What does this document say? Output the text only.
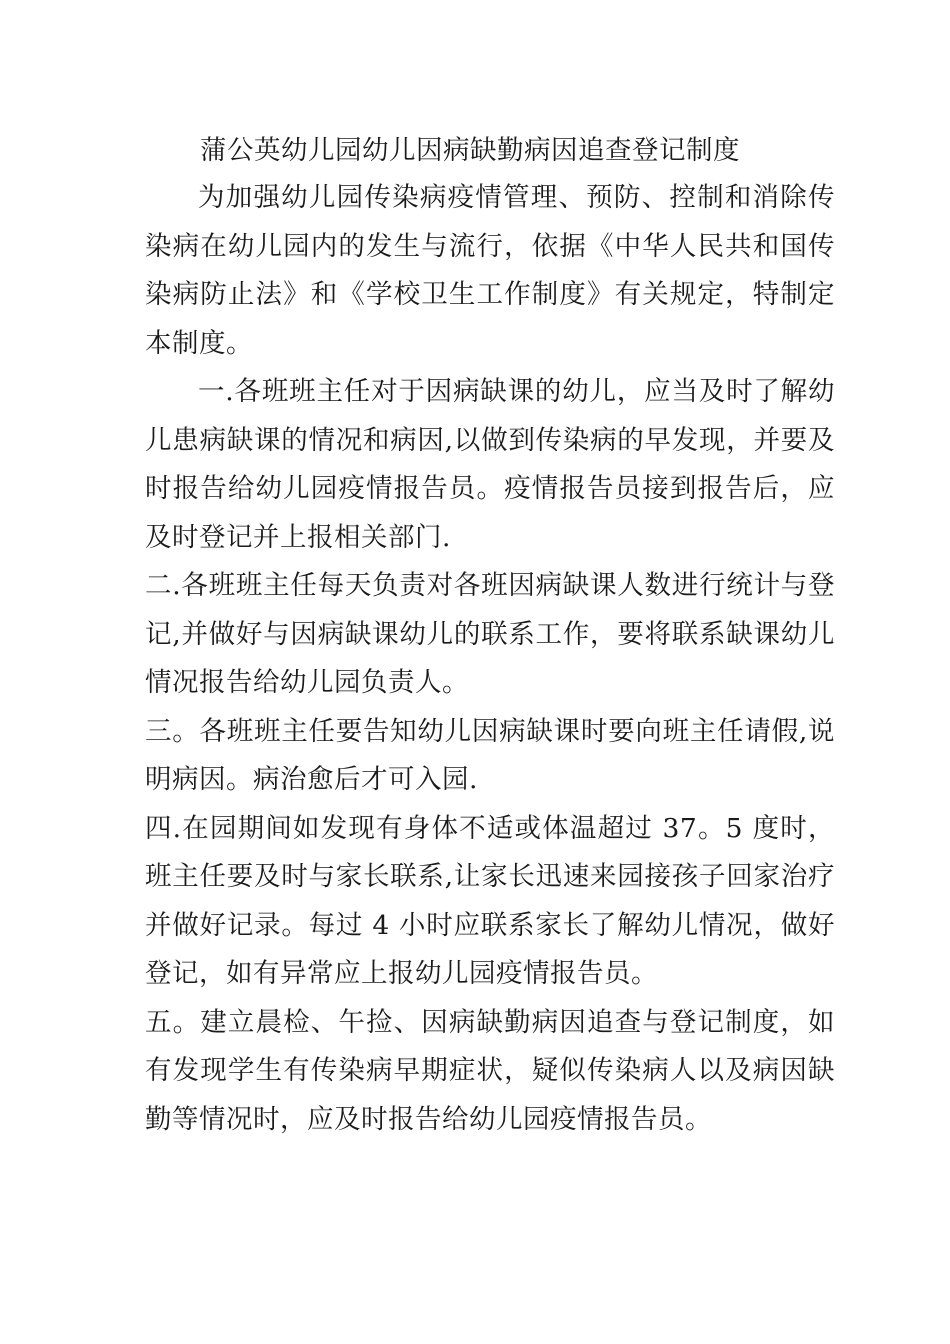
蒲公英幼儿园幼儿因病缺勤病因追查登记制度

为加强幼儿园传染病疫情管理、预防、控制和消除传染病在幼儿园内的发生与流行，依据《中华人民共和国传染病防止法》和《学校卫生工作制度》有关规定，特制定本制度。

一.各班班主任对于因病缺课的幼儿，应当及时了解幼儿患病缺课的情况和病因,以做到传染病的早发现，并要及时报告给幼儿园疫情报告员。疫情报告员接到报告后，应及时登记并上报相关部门.

二.各班班主任每天负责对各班因病缺课人数进行统计与登记,并做好与因病缺课幼儿的联系工作，要将联系缺课幼儿情况报告给幼儿园负责人。

三。各班班主任要告知幼儿因病缺课时要向班主任请假,说明病因。病治愈后才可入园.

四.在园期间如发现有身体不适或体温超过 37。5 度时，班主任要及时与家长联系,让家长迅速来园接孩子回家治疗并做好记录。每过 4 小时应联系家长了解幼儿情况，做好登记，如有异常应上报幼儿园疫情报告员。

五。建立晨检、午捡、因病缺勤病因追查与登记制度，如有发现学生有传染病早期症状，疑似传染病人以及病因缺勤等情况时，应及时报告给幼儿园疫情报告员。
